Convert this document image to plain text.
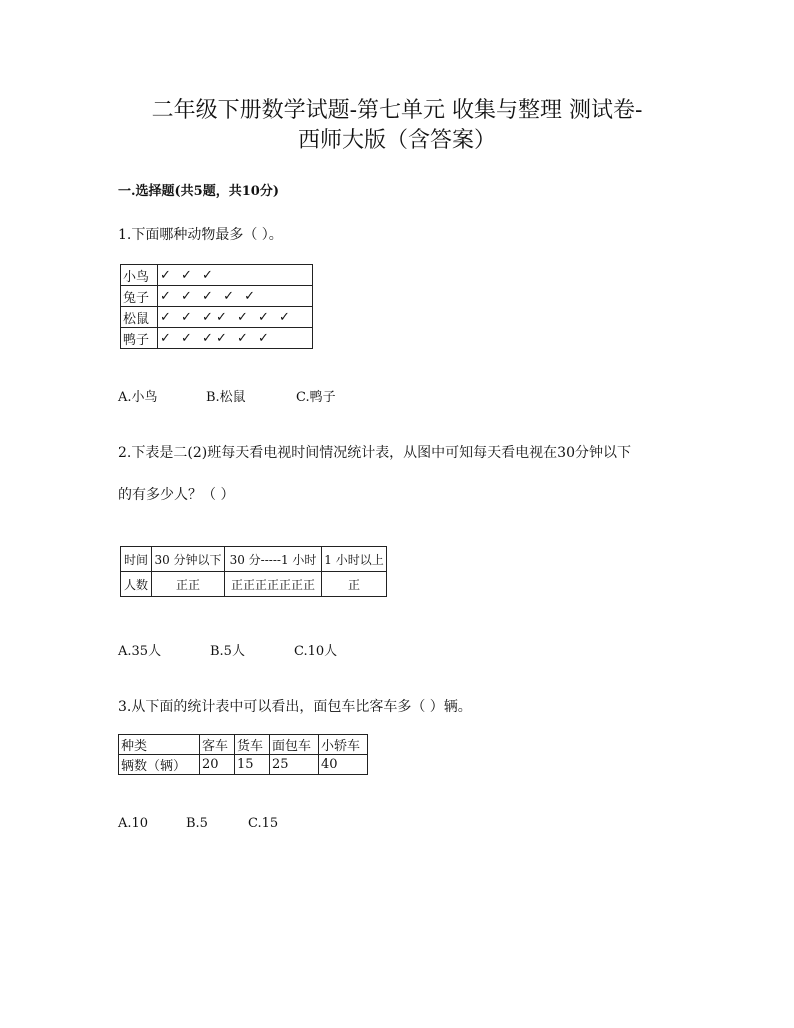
二年级下册数学试题-第七单元 收集与整理 测试卷-
西师大版（含答案）
一.选择题(共5题，共10分)
1.下面哪种动物最多（ ）。
小鸟	✓ ✓ ✓
兔子	✓ ✓ ✓ ✓ ✓
松鼠	✓ ✓ ✓✓ ✓ ✓ ✓
鸭子	✓ ✓ ✓✓ ✓ ✓
A.小鸟	B.松鼠	C.鸭子
2.下表是二(2)班每天看电视时间情况统计表，从图中可知每天看电视在30分钟以下
的有多少人？（ ）
时间	30 分钟以下	30 分-----1 小时	1 小时以上
人数	正正	正正正正正正正	正
A.35人	B.5人	C.10人
3.从下面的统计表中可以看出，面包车比客车多（ ）辆。
种类	客车	货车	面包车	小轿车
辆数（辆）	20	15	25	40
A.10	B.5	C.15
